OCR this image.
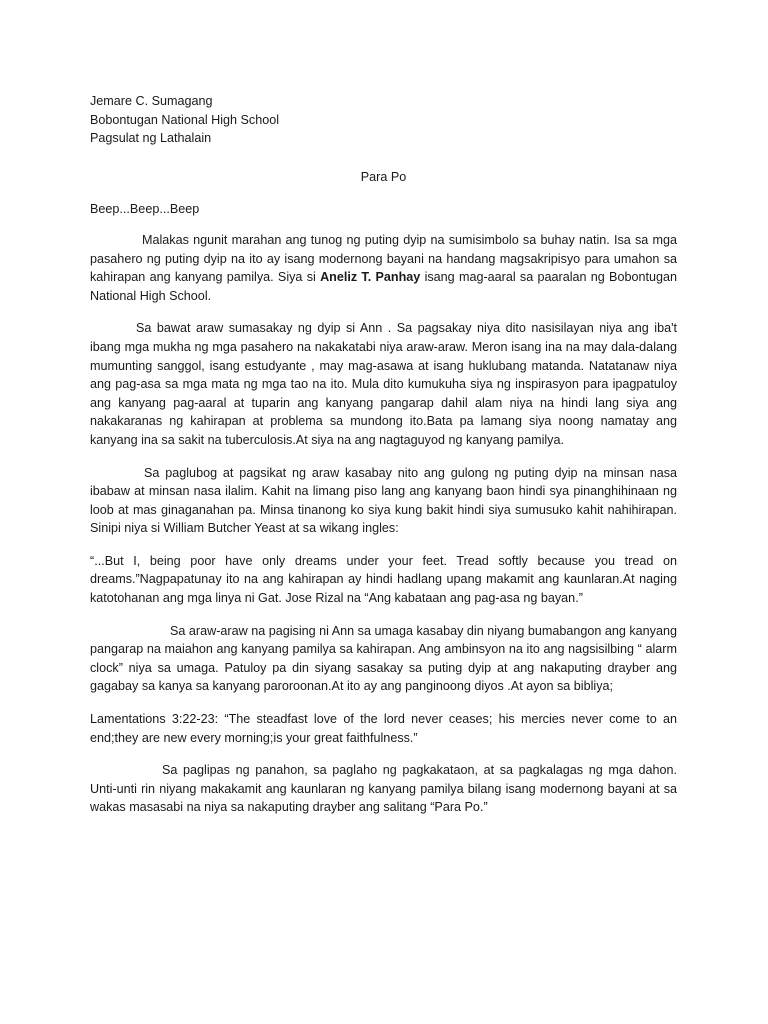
Jemare C. Sumagang

Bobontugan National High School

Pagsulat ng Lathalain

Para Po

Beep...Beep...Beep

Malakas ngunit marahan ang tunog ng puting dyip na sumisimbolo sa buhay natin. Isa sa mga pasahero ng puting dyip na ito ay isang modernong bayani na handang magsakripisyo para umahon sa kahirapan ang kanyang pamilya. Siya si Aneliz T. Panhay isang mag-aaral sa paaralan ng Bobontugan National High School.

Sa bawat araw sumasakay ng dyip si Ann . Sa pagsakay niya dito nasisilayan niya ang iba't ibang mga mukha ng mga pasahero na nakakatabi niya araw-araw. Meron isang ina na may dala-dalang mumunting sanggol, isang estudyante , may mag-asawa at isang huklubang matanda. Natatanaw niya ang pag-asa sa mga mata ng mga tao na ito. Mula dito kumukuha siya ng inspirasyon para ipagpatuloy ang kanyang pag-aaral at tuparin ang kanyang pangarap dahil alam niya na hindi lang siya ang nakakaranas ng kahirapan at problema sa mundong ito.Bata pa lamang siya noong namatay ang kanyang ina sa sakit na tuberculosis.At siya na ang nagtaguyod ng kanyang pamilya.

Sa paglubog at pagsikat ng araw kasabay nito ang gulong ng puting dyip na minsan nasa ibabaw at minsan nasa ilalim. Kahit na limang piso lang ang kanyang baon hindi sya pinanghihinaan ng loob at mas ginaganahan pa. Minsa tinanong ko siya kung bakit hindi siya sumusuko kahit nahihirapan. Sinipi niya si William Butcher Yeast at sa wikang ingles:

“...But I, being poor have only dreams under your feet. Tread softly because you tread on dreams.”Nagpapatunay ito na ang kahirapan ay hindi hadlang upang makamit ang kaunlaran.At naging katotohanan ang mga linya ni Gat. Jose Rizal na “Ang kabataan ang pag-asa ng bayan.”

Sa araw-araw na pagising ni Ann sa umaga kasabay din niyang bumabangon ang kanyang pangarap na maiahon ang kanyang pamilya sa kahirapan. Ang ambinsyon na ito ang nagsisilbing “ alarm clock” niya sa umaga. Patuloy pa din siyang sasakay sa puting dyip at ang nakaputing drayber ang gagabay sa kanya sa kanyang paroroonan.At ito ay ang panginoong diyos .At ayon sa bibliya;

Lamentations 3:22-23: “The steadfast love of the lord never ceases; his mercies never come to an end;they are new every morning;is your great faithfulness.”

Sa paglipas ng panahon, sa paglaho ng pagkakataon, at sa pagkalagas ng mga dahon. Unti-unti rin niyang makakamit ang kaunlaran ng kanyang pamilya bilang isang modernong bayani at sa wakas masasabi na niya sa nakaputing drayber ang salitang “Para Po.”
